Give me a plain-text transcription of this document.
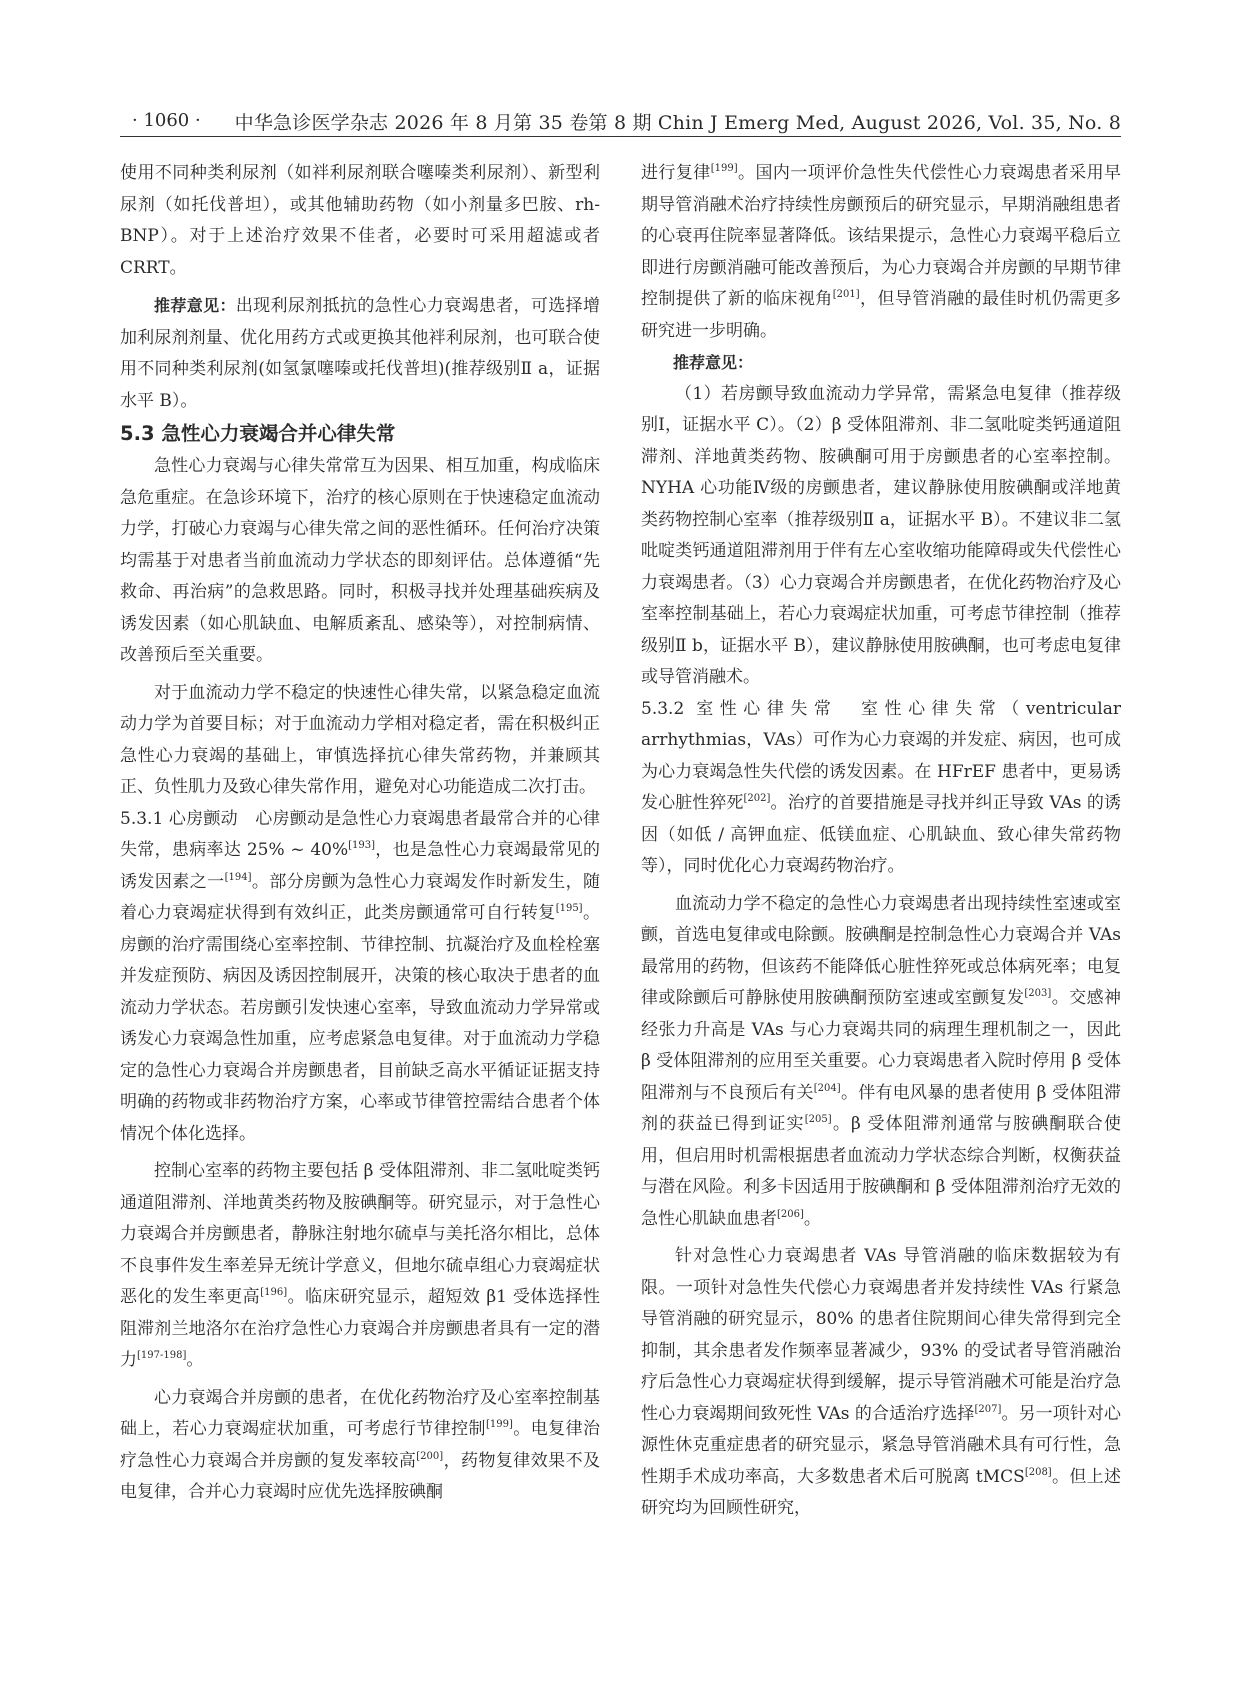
· 1060 · 中华急诊医学杂志 2026 年 8 月第 35 卷第 8 期 Chin J Emerg Med, August 2026, Vol. 35, No. 8

使用不同种类利尿剂（如袢利尿剂联合噻嗪类利尿剂）、新型利尿剂（如托伐普坦），或其他辅助药物（如小剂量多巴胺、rh-BNP）。对于上述治疗效果不佳者，必要时可采用超滤或者 CRRT。

推荐意见：出现利尿剂抵抗的急性心力衰竭患者，可选择增加利尿剂剂量、优化用药方式或更换其他袢利尿剂，也可联合使用不同种类利尿剂(如氢氯噻嗪或托伐普坦)(推荐级别Ⅱ a，证据水平 B）。

5.3 急性心力衰竭合并心律失常

急性心力衰竭与心律失常常互为因果、相互加重，构成临床急危重症。在急诊环境下，治疗的核心原则在于快速稳定血流动力学，打破心力衰竭与心律失常之间的恶性循环。任何治疗决策均需基于对患者当前血流动力学状态的即刻评估。总体遵循“先救命、再治病”的急救思路。同时，积极寻找并处理基础疾病及诱发因素（如心肌缺血、电解质紊乱、感染等），对控制病情、改善预后至关重要。

对于血流动力学不稳定的快速性心律失常，以紧急稳定血流动力学为首要目标；对于血流动力学相对稳定者，需在积极纠正急性心力衰竭的基础上，审慎选择抗心律失常药物，并兼顾其正、负性肌力及致心律失常作用，避免对心功能造成二次打击。

5.3.1 心房颤动　 心房颤动是急性心力衰竭患者最常合并的心律失常，患病率达 25% ~ 40%[193]，也是急性心力衰竭最常见的诱发因素之一[194]。部分房颤为急性心力衰竭发作时新发生，随着心力衰竭症状得到有效纠正，此类房颤通常可自行转复[195]。房颤的治疗需围绕心室率控制、节律控制、抗凝治疗及血栓栓塞并发症预防、病因及诱因控制展开，决策的核心取决于患者的血流动力学状态。若房颤引发快速心室率，导致血流动力学异常或诱发心力衰竭急性加重，应考虑紧急电复律。对于血流动力学稳定的急性心力衰竭合并房颤患者，目前缺乏高水平循证证据支持明确的药物或非药物治疗方案，心率或节律管控需结合患者个体情况个体化选择。

控制心室率的药物主要包括 β 受体阻滞剂、非二氢吡啶类钙通道阻滞剂、洋地黄类药物及胺碘酮等。研究显示，对于急性心力衰竭合并房颤患者，静脉注射地尔硫卓与美托洛尔相比，总体不良事件发生率差异无统计学意义，但地尔硫卓组心力衰竭症状恶化的发生率更高[196]。临床研究显示，超短效 β1 受体选择性阻滞剂兰地洛尔在治疗急性心力衰竭合并房颤患者具有一定的潜力[197-198]。

心力衰竭合并房颤的患者，在优化药物治疗及心室率控制基础上，若心力衰竭症状加重，可考虑行节律控制[199]。电复律治疗急性心力衰竭合并房颤的复发率较高[200]，药物复律效果不及电复律，合并心力衰竭时应优先选择胺碘酮

进行复律[199]。国内一项评价急性失代偿性心力衰竭患者采用早期导管消融术治疗持续性房颤预后的研究显示，早期消融组患者的心衰再住院率显著降低。该结果提示，急性心力衰竭平稳后立即进行房颤消融可能改善预后，为心力衰竭合并房颤的早期节律控制提供了新的临床视角[201]，但导管消融的最佳时机仍需更多研究进一步明确。

推荐意见：

（1）若房颤导致血流动力学异常，需紧急电复律（推荐级别Ⅰ，证据水平 C）。（2）β 受体阻滞剂、非二氢吡啶类钙通道阻滞剂、洋地黄类药物、胺碘酮可用于房颤患者的心室率控制。NYHA 心功能Ⅳ级的房颤患者，建议静脉使用胺碘酮或洋地黄类药物控制心室率（推荐级别Ⅱ a，证据水平 B）。不建议非二氢吡啶类钙通道阻滞剂用于伴有左心室收缩功能障碍或失代偿性心力衰竭患者。（3）心力衰竭合并房颤患者，在优化药物治疗及心室率控制基础上，若心力衰竭症状加重，可考虑节律控制（推荐级别Ⅱ b，证据水平 B），建议静脉使用胺碘酮，也可考虑电复律或导管消融术。

5.3.2 室性心律失常　 室性心律失常（ventricular arrhythmias，VAs）可作为心力衰竭的并发症、病因，也可成为心力衰竭急性失代偿的诱发因素。在 HFrEF 患者中，更易诱发心脏性猝死[202]。治疗的首要措施是寻找并纠正导致 VAs 的诱因（如低 / 高钾血症、低镁血症、心肌缺血、致心律失常药物等），同时优化心力衰竭药物治疗。

血流动力学不稳定的急性心力衰竭患者出现持续性室速或室颤，首选电复律或电除颤。胺碘酮是控制急性心力衰竭合并 VAs 最常用的药物，但该药不能降低心脏性猝死或总体病死率；电复律或除颤后可静脉使用胺碘酮预防室速或室颤复发[203]。交感神经张力升高是 VAs 与心力衰竭共同的病理生理机制之一，因此 β 受体阻滞剂的应用至关重要。心力衰竭患者入院时停用 β 受体阻滞剂与不良预后有关[204]。伴有电风暴的患者使用 β 受体阻滞剂的获益已得到证实[205]。β 受体阻滞剂通常与胺碘酮联合使用，但启用时机需根据患者血流动力学状态综合判断，权衡获益与潜在风险。利多卡因适用于胺碘酮和 β 受体阻滞剂治疗无效的急性心肌缺血患者[206]。

针对急性心力衰竭患者 VAs 导管消融的临床数据较为有限。一项针对急性失代偿心力衰竭患者并发持续性 VAs 行紧急导管消融的研究显示，80% 的患者住院期间心律失常得到完全抑制，其余患者发作频率显著减少，93% 的受试者导管消融治疗后急性心力衰竭症状得到缓解，提示导管消融术可能是治疗急性心力衰竭期间致死性 VAs 的合适治疗选择[207]。另一项针对心源性休克重症患者的研究显示，紧急导管消融术具有可行性，急性期手术成功率高，大多数患者术后可脱离 tMCS[208]。但上述研究均为回顾性研究，
